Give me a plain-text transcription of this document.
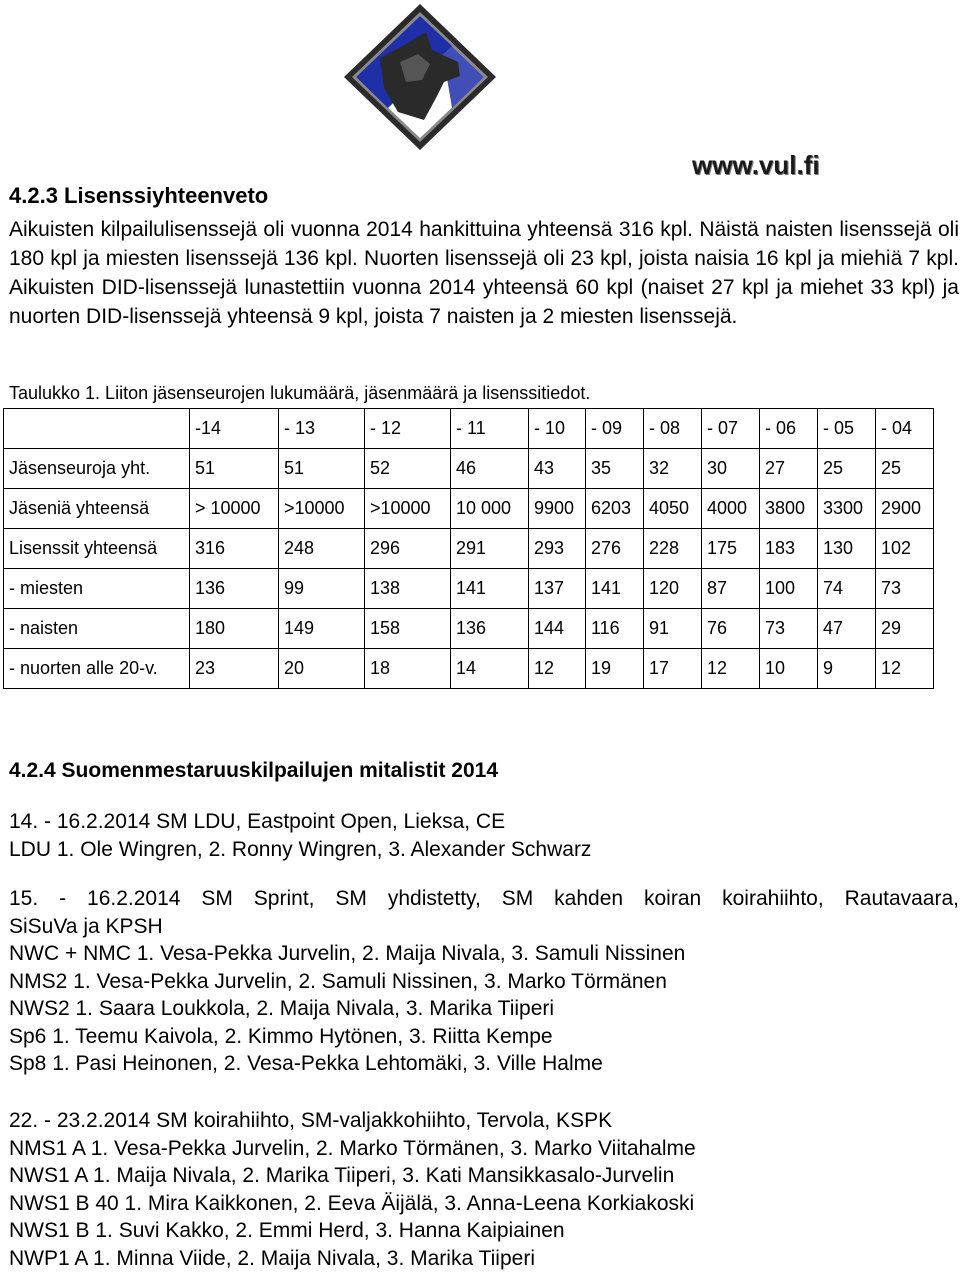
www.vul.fi
4.2.3 Lisenssiyhteenveto
Aikuisten kilpailulisenssejä oli vuonna 2014 hankittuina yhteensä 316 kpl. Näistä naisten lisenssejä oli 180 kpl ja miesten lisenssejä 136 kpl. Nuorten lisenssejä oli 23 kpl, joista naisia 16 kpl ja miehiä 7 kpl. Aikuisten DID-lisenssejä lunastettiin vuonna 2014 yhteensä 60 kpl (naiset 27 kpl ja miehet 33 kpl) ja nuorten DID-lisenssejä yhteensä 9 kpl, joista 7 naisten ja 2 miesten lisenssejä.
Taulukko 1. Liiton jäsenseurojen lukumäärä, jäsenmäärä ja lisenssitiedot.
	-14	- 13	- 12	- 11	- 10	- 09	- 08	- 07	- 06	- 05	- 04
Jäsenseuroja yht.	51	51	52	46	43	35	32	30	27	25	25
Jäseniä yhteensä	> 10000	>10000	>10000	10 000	9900	6203	4050	4000	3800	3300	2900
Lisenssit yhteensä	316	248	296	291	293	276	228	175	183	130	102
- miesten	136	99	138	141	137	141	120	87	100	74	73
- naisten	180	149	158	136	144	116	91	76	73	47	29
- nuorten alle 20-v.	23	20	18	14	12	19	17	12	10	9	12
4.2.4 Suomenmestaruuskilpailujen mitalistit 2014
14. - 16.2.2014 SM LDU, Eastpoint Open, Lieksa, CE
LDU 1. Ole Wingren, 2. Ronny Wingren, 3. Alexander Schwarz
15. - 16.2.2014 SM Sprint, SM yhdistetty, SM kahden koiran koirahiihto, Rautavaara,
SiSuVa ja KPSH
NWC + NMC 1. Vesa-Pekka Jurvelin, 2. Maija Nivala, 3. Samuli Nissinen
NMS2 1. Vesa-Pekka Jurvelin, 2. Samuli Nissinen, 3. Marko Törmänen
NWS2 1. Saara Loukkola, 2. Maija Nivala, 3. Marika Tiiperi
Sp6 1. Teemu Kaivola, 2. Kimmo Hytönen, 3. Riitta Kempe
Sp8 1. Pasi Heinonen, 2. Vesa-Pekka Lehtomäki, 3. Ville Halme
22. - 23.2.2014 SM koirahiihto, SM-valjakkohiihto, Tervola, KSPK
NMS1 A 1. Vesa-Pekka Jurvelin, 2. Marko Törmänen, 3. Marko Viitahalme
NWS1 A 1. Maija Nivala, 2. Marika Tiiperi, 3. Kati Mansikkasalo-Jurvelin
NWS1 B 40 1. Mira Kaikkonen, 2. Eeva Äijälä, 3. Anna-Leena Korkiakoski
NWS1 B 1. Suvi Kakko, 2. Emmi Herd, 3. Hanna Kaipiainen
NWP1 A 1. Minna Viide, 2. Maija Nivala, 3. Marika Tiiperi
